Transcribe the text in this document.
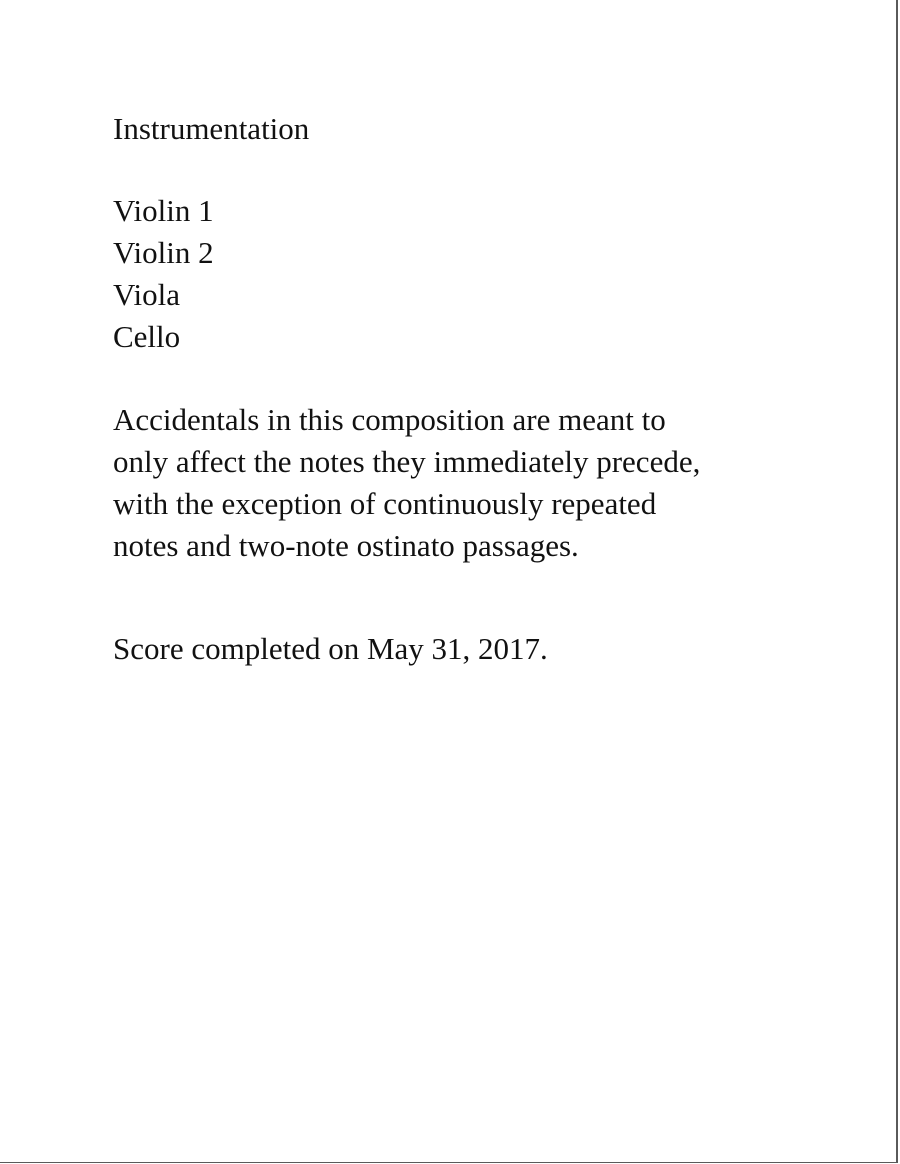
Instrumentation
Violin 1
Violin 2
Viola
Cello

Accidentals in this composition are meant to
only affect the notes they immediately precede,
with the exception of continuously repeated
notes and two-note ostinato passages.

Score completed on May 31, 2017.
